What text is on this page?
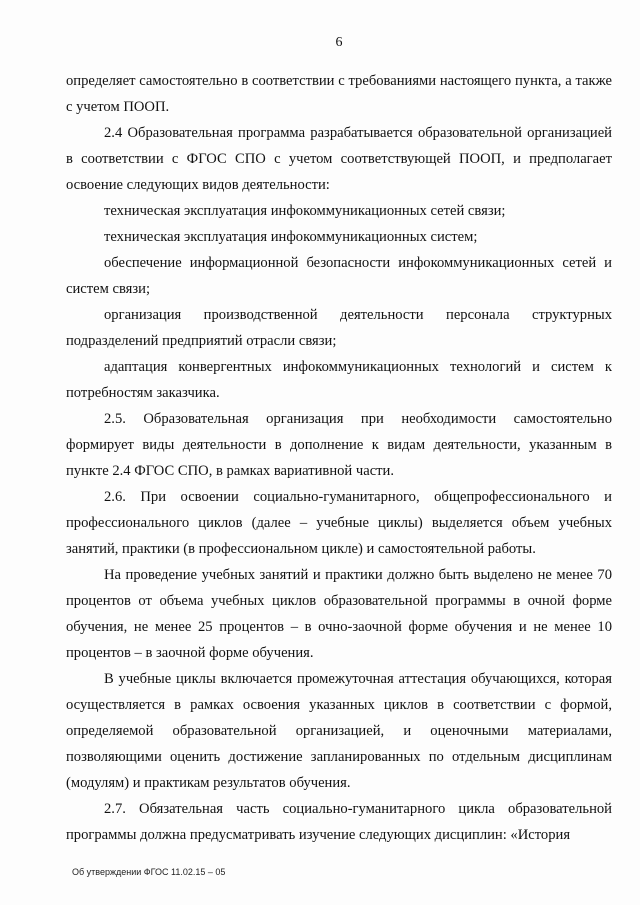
6

определяет самостоятельно в соответствии с требованиями настоящего пункта, а также с учетом ПООП.

2.4 Образовательная программа разрабатывается образовательной организацией в соответствии с ФГОС СПО с учетом соответствующей ПООП, и предполагает освоение следующих видов деятельности:

техническая эксплуатация инфокоммуникационных сетей связи;

техническая эксплуатация инфокоммуникационных систем;

обеспечение информационной безопасности инфокоммуникационных сетей и систем связи;

организация производственной деятельности персонала структурных подразделений предприятий отрасли связи;

адаптация конвергентных инфокоммуникационных технологий и систем к потребностям заказчика.

2.5. Образовательная организация при необходимости самостоятельно формирует виды деятельности в дополнение к видам деятельности, указанным в пункте 2.4 ФГОС СПО, в рамках вариативной части.

2.6. При освоении социально-гуманитарного, общепрофессионального и профессионального циклов (далее – учебные циклы) выделяется объем учебных занятий, практики (в профессиональном цикле) и самостоятельной работы.

На проведение учебных занятий и практики должно быть выделено не менее 70 процентов от объема учебных циклов образовательной программы в очной форме обучения, не менее 25 процентов – в очно-заочной форме обучения и не менее 10 процентов – в заочной форме обучения.

В учебные циклы включается промежуточная аттестация обучающихся, которая осуществляется в рамках освоения указанных циклов в соответствии с формой, определяемой образовательной организацией, и оценочными материалами, позволяющими оценить достижение запланированных по отдельным дисциплинам (модулям) и практикам результатов обучения.

2.7. Обязательная часть социально-гуманитарного цикла образовательной программы должна предусматривать изучение следующих дисциплин: «История

Об утверждении ФГОС 11.02.15 – 05
